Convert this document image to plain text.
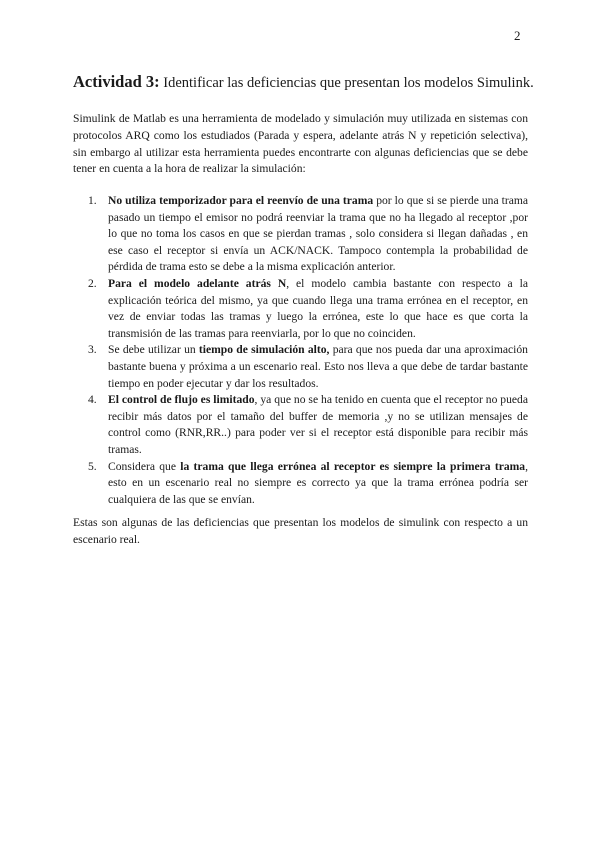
2
Actividad 3: Identificar las deficiencias que presentan los modelos Simulink.

Simulink de Matlab es una herramienta de modelado y simulación muy utilizada en sistemas con protocolos ARQ como los estudiados (Parada y espera, adelante atrás N y repetición selectiva), sin embargo al utilizar esta herramienta puedes encontrarte con algunas deficiencias que se debe tener en cuenta a la hora de realizar la simulación:

1. No utiliza temporizador para el reenvío de una trama por lo que si se pierde una trama pasado un tiempo el emisor no podrá reenviar la trama que no ha llegado al receptor ,por lo que no toma los casos en que se pierdan tramas , solo considera si llegan dañadas , en ese caso el receptor si envía un ACK/NACK. Tampoco contempla la probabilidad de pérdida de trama esto se debe a la misma explicación anterior.
2. Para el modelo adelante atrás N, el modelo cambia bastante con respecto a la explicación teórica del mismo, ya que cuando llega una trama errónea en el receptor, en vez de enviar todas las tramas y luego la errónea, este lo que hace es que corta la transmisión de las tramas para reenviarla, por lo que no coinciden.
3. Se debe utilizar un tiempo de simulación alto, para que nos pueda dar una aproximación bastante buena y próxima a un escenario real. Esto nos lleva a que debe de tardar bastante tiempo en poder ejecutar y dar los resultados.
4. El control de flujo es limitado, ya que no se ha tenido en cuenta que el receptor no pueda recibir más datos por el tamaño del buffer de memoria ,y no se utilizan mensajes de control como (RNR,RR..) para poder ver si el receptor está disponible para recibir más tramas.
5. Considera que la trama que llega errónea al receptor es siempre la primera trama, esto en un escenario real no siempre es correcto ya que la trama errónea podría ser cualquiera de las que se envían.

Estas son algunas de las deficiencias que presentan los modelos de simulink con respecto a un escenario real.
